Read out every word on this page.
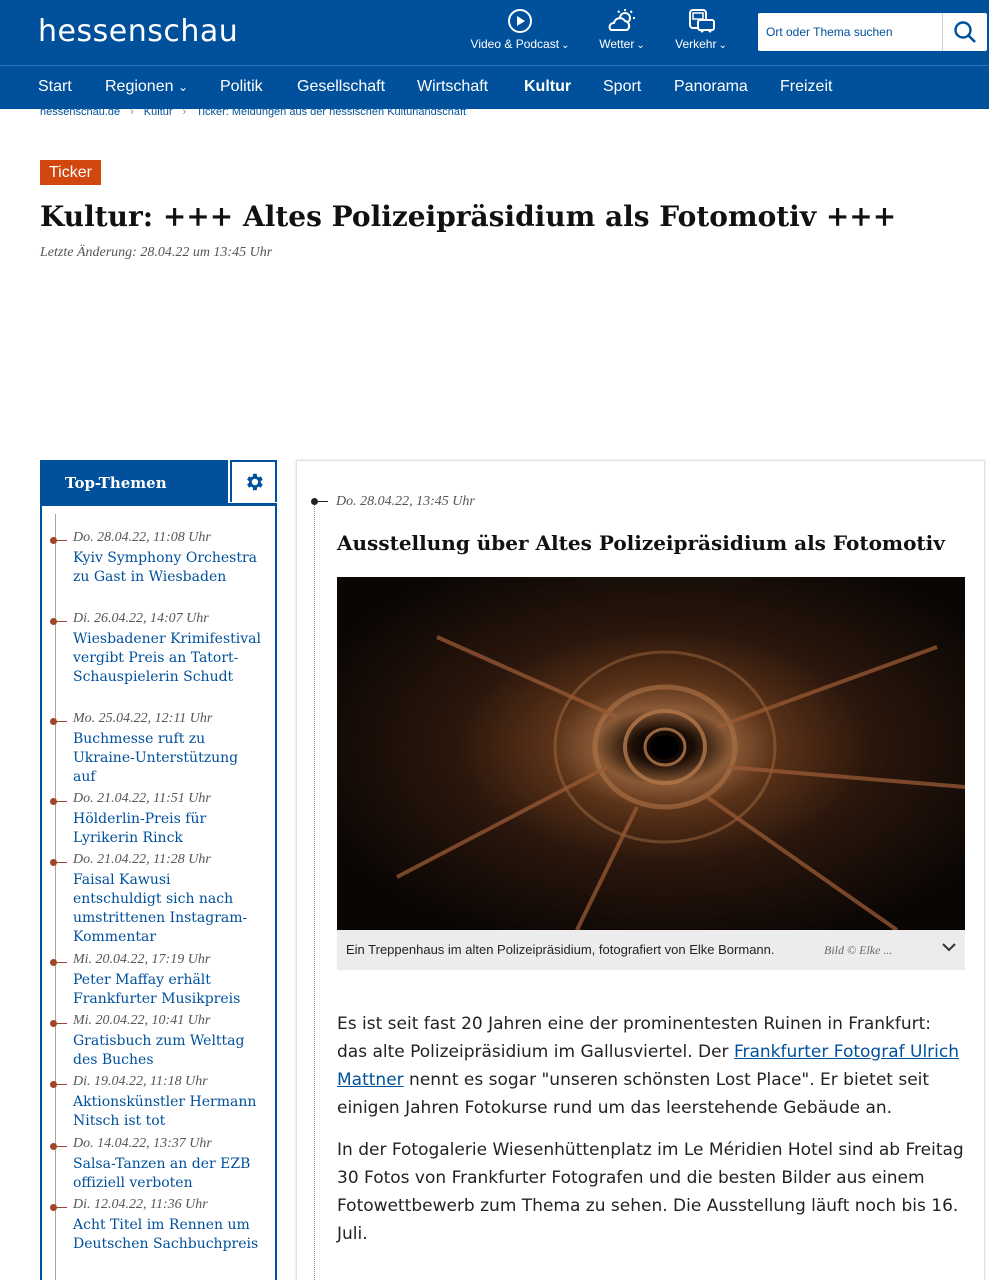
hessenschau	Video & Podcast ⌄	Wetter ⌄	Verkehr ⌄
Ort oder Thema suchen
Start Regionen ⌄ Politik Gesellschaft Wirtschaft Kultur Sport Panorama Freizeit
hessenschau.de › Kultur › Ticker: Meldungen aus der hessischen Kulturlandschaft
Ticker
Kultur: +++ Altes Polizeipräsidium als Fotomotiv +++
Letzte Änderung: 28.04.22 um 13:45 Uhr
Top-Themen
Do. 28.04.22, 11:08 Uhr
Kyiv Symphony Orchestra zu Gast in Wiesbaden
Di. 26.04.22, 14:07 Uhr
Wiesbadener Krimifestival vergibt Preis an Tatort-Schauspielerin Schudt
Mo. 25.04.22, 12:11 Uhr
Buchmesse ruft zu Ukraine-Unterstützung auf
Do. 21.04.22, 11:51 Uhr
Hölderlin-Preis für Lyrikerin Rinck
Do. 21.04.22, 11:28 Uhr
Faisal Kawusi entschuldigt sich nach umstrittenen Instagram-Kommentar
Mi. 20.04.22, 17:19 Uhr
Peter Maffay erhält Frankfurter Musikpreis
Mi. 20.04.22, 10:41 Uhr
Gratisbuch zum Welttag des Buches
Di. 19.04.22, 11:18 Uhr
Aktionskünstler Hermann Nitsch ist tot
Do. 14.04.22, 13:37 Uhr
Salsa-Tanzen an der EZB offiziell verboten
Di. 12.04.22, 11:36 Uhr
Acht Titel im Rennen um Deutschen Sachbuchpreis
Do. 28.04.22, 13:45 Uhr
Ausstellung über Altes Polizeipräsidium als Fotomotiv
Ein Treppenhaus im alten Polizeipräsidium, fotografiert von Elke Bormann.	Bild © Elke ...

Es ist seit fast 20 Jahren eine der prominentesten Ruinen in Frankfurt: das alte Polizeipräsidium im Gallusviertel. Der Frankfurter Fotograf Ulrich Mattner nennt es sogar "unseren schönsten Lost Place". Er bietet seit einigen Jahren Fotokurse rund um das leerstehende Gebäude an.

In der Fotogalerie Wiesenhüttenplatz im Le Méridien Hotel sind ab Freitag 30 Fotos von Frankfurter Fotografen und die besten Bilder aus einem Fotowettbewerb zum Thema zu sehen. Die Ausstellung läuft noch bis 16. Juli.
